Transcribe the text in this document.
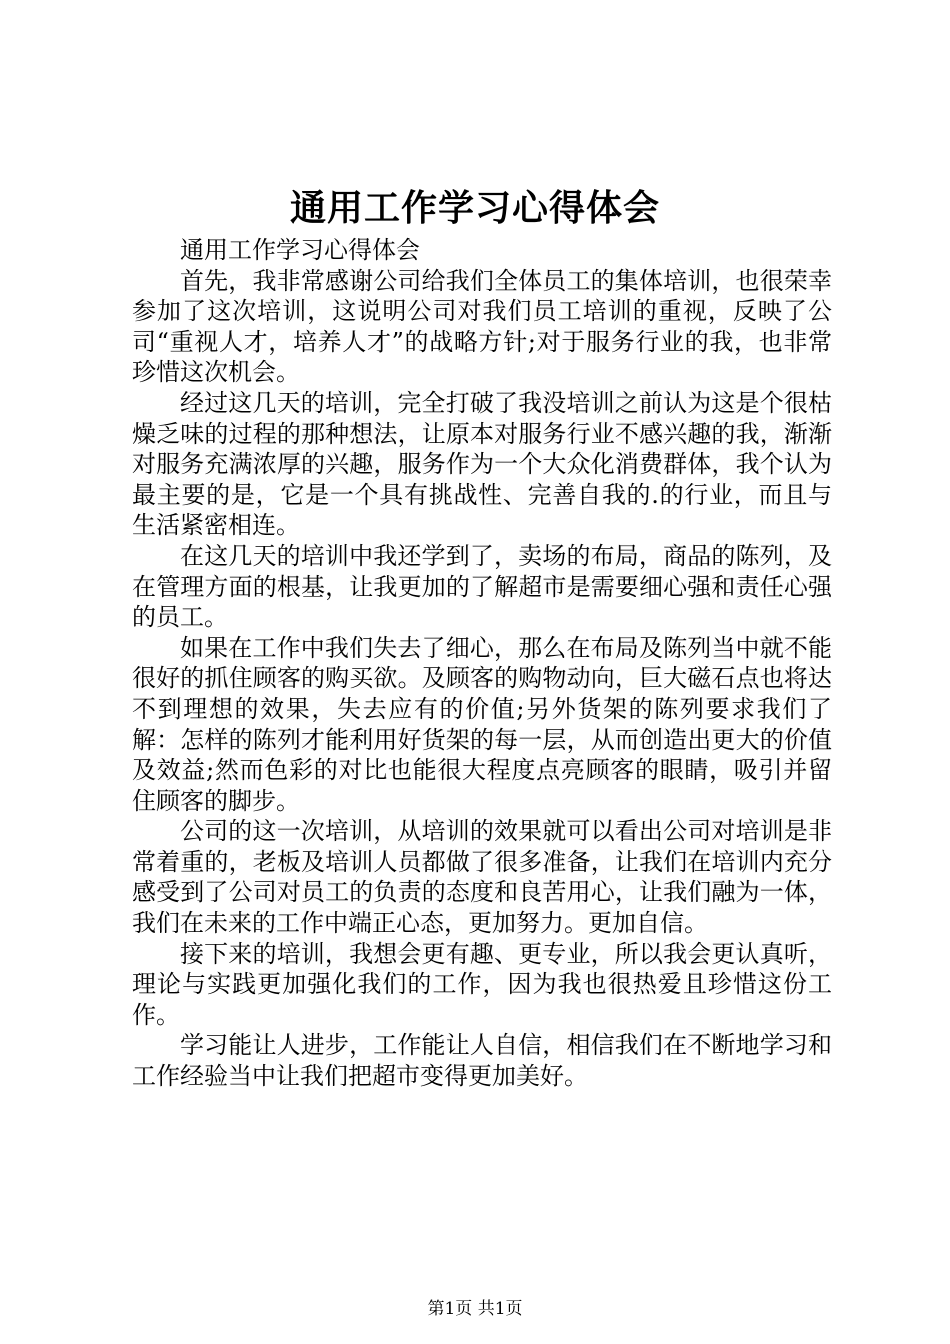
通用工作学习心得体会

通用工作学习心得体会

首先，我非常感谢公司给我们全体员工的集体培训，也很荣幸参加了这次培训，这说明公司对我们员工培训的重视，反映了公司“重视人才，培养人才”的战略方针;对于服务行业的我，也非常珍惜这次机会。

经过这几天的培训，完全打破了我没培训之前认为这是个很枯燥乏味的过程的那种想法，让原本对服务行业不感兴趣的我，渐渐对服务充满浓厚的兴趣，服务作为一个大众化消费群体，我个认为最主要的是，它是一个具有挑战性、完善自我的.的行业，而且与生活紧密相连。

在这几天的培训中我还学到了，卖场的布局，商品的陈列，及在管理方面的根基，让我更加的了解超市是需要细心强和责任心强的员工。

如果在工作中我们失去了细心，那么在布局及陈列当中就不能很好的抓住顾客的购买欲。及顾客的购物动向，巨大磁石点也将达不到理想的效果，失去应有的价值;另外货架的陈列要求我们了解：怎样的陈列才能利用好货架的每一层，从而创造出更大的价值及效益;然而色彩的对比也能很大程度点亮顾客的眼睛，吸引并留住顾客的脚步。

公司的这一次培训，从培训的效果就可以看出公司对培训是非常着重的，老板及培训人员都做了很多准备，让我们在培训内充分感受到了公司对员工的负责的态度和良苦用心，让我们融为一体，我们在未来的工作中端正心态，更加努力。更加自信。

接下来的培训，我想会更有趣、更专业，所以我会更认真听，理论与实践更加强化我们的工作，因为我也很热爱且珍惜这份工作。

学习能让人进步，工作能让人自信，相信我们在不断地学习和工作经验当中让我们把超市变得更加美好。

第1页 共1页
